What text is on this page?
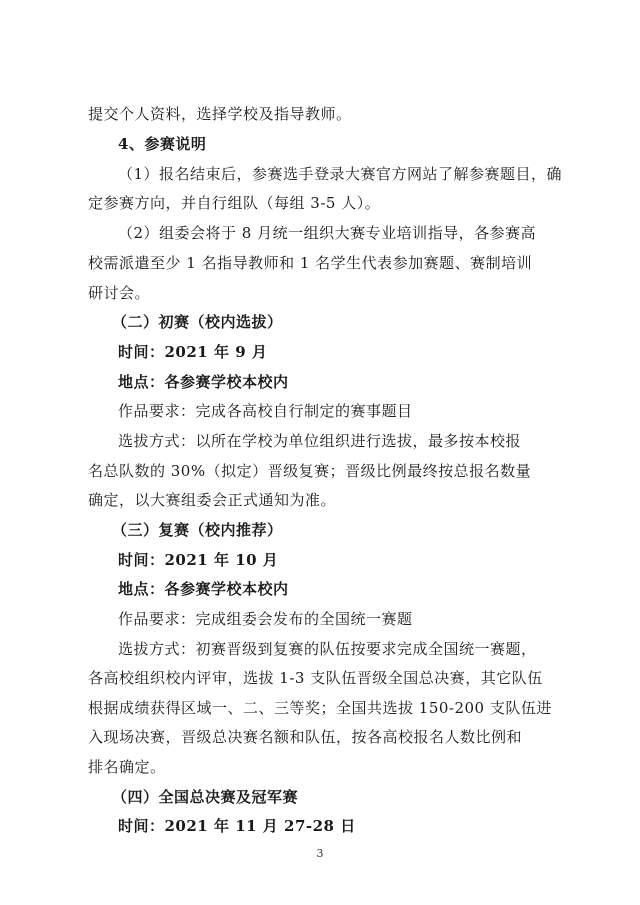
提交个人资料，选择学校及指导教师。
4、参赛说明
（1）报名结束后，参赛选手登录大赛官方网站了解参赛题目，确
定参赛方向，并自行组队（每组 3-5 人）。
（2）组委会将于 8 月统一组织大赛专业培训指导，各参赛高
校需派遣至少 1 名指导教师和 1 名学生代表参加赛题、赛制培训
研讨会。
（二）初赛（校内选拔）
时间：2021 年 9 月
地点：各参赛学校本校内
作品要求：完成各高校自行制定的赛事题目
选拔方式：以所在学校为单位组织进行选拔，最多按本校报
名总队数的 30%（拟定）晋级复赛；晋级比例最终按总报名数量
确定，以大赛组委会正式通知为准。
（三）复赛（校内推荐）
时间：2021 年 10 月
地点：各参赛学校本校内
作品要求：完成组委会发布的全国统一赛题
选拔方式：初赛晋级到复赛的队伍按要求完成全国统一赛题，
各高校组织校内评审，选拔 1-3 支队伍晋级全国总决赛，其它队伍
根据成绩获得区域一、二、三等奖；全国共选拔 150-200 支队伍进
入现场决赛，晋级总决赛名额和队伍，按各高校报名人数比例和
排名确定。
（四）全国总决赛及冠军赛
时间：2021 年 11 月 27-28 日
3
